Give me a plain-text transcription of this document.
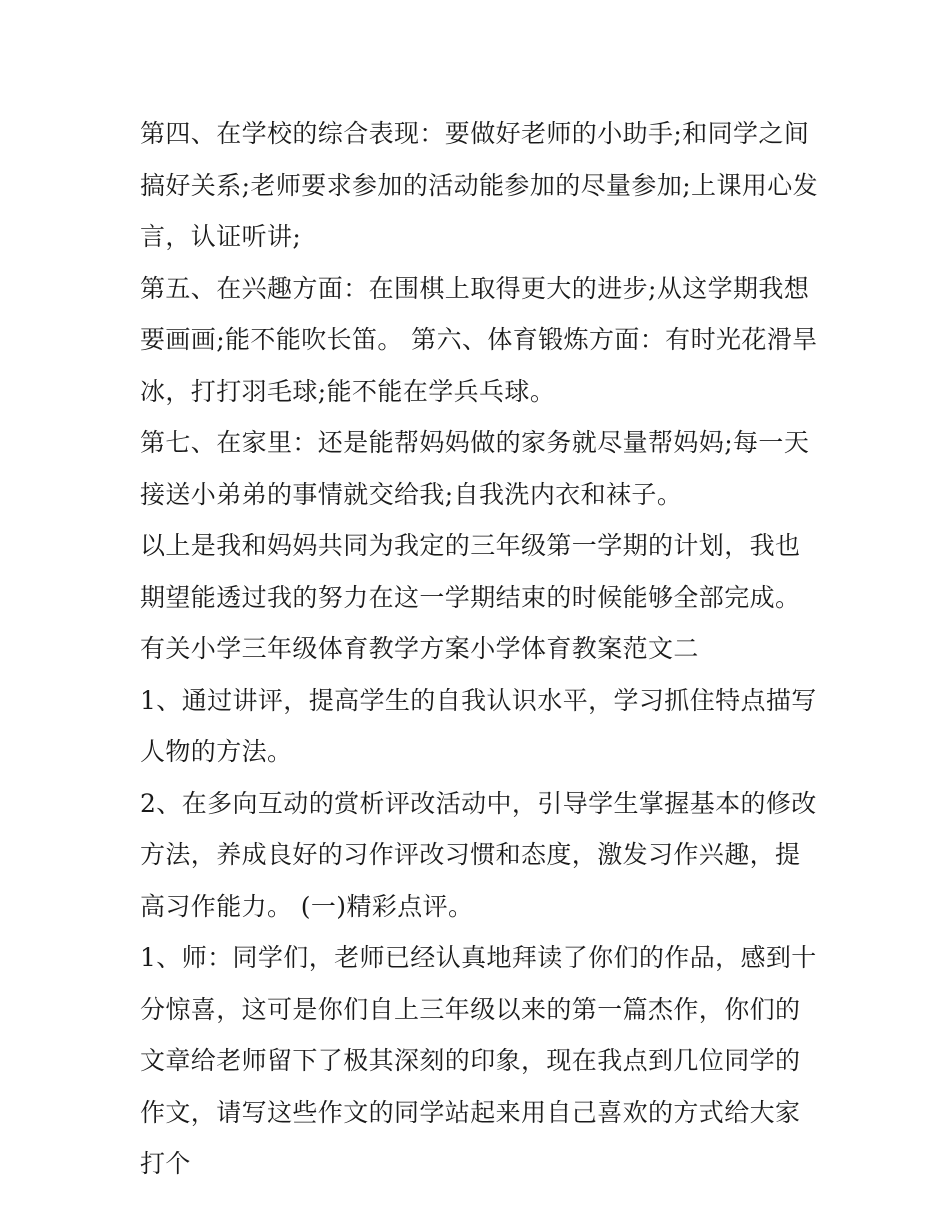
第四、在学校的综合表现：要做好老师的小助手;和同学之间搞好关系;老师要求参加的活动能参加的尽量参加;上课用心发言，认证听讲;

第五、在兴趣方面：在围棋上取得更大的进步;从这学期我想要画画;能不能吹长笛。 第六、体育锻炼方面：有时光花滑旱冰，打打羽毛球;能不能在学兵乓球。

第七、在家里：还是能帮妈妈做的家务就尽量帮妈妈;每一天接送小弟弟的事情就交给我;自我洗内衣和袜子。

以上是我和妈妈共同为我定的三年级第一学期的计划，我也期望能透过我的努力在这一学期结束的时候能够全部完成。 有关小学三年级体育教学方案小学体育教案范文二

1、通过讲评，提高学生的自我认识水平，学习抓住特点描写人物的方法。

2、在多向互动的赏析评改活动中，引导学生掌握基本的修改方法，养成良好的习作评改习惯和态度，激发习作兴趣，提高习作能力。 (一)精彩点评。

1、师：同学们，老师已经认真地拜读了你们的作品，感到十分惊喜，这可是你们自上三年级以来的第一篇杰作，你们的文章给老师留下了极其深刻的印象，现在我点到几位同学的作文，请写这些作文的同学站起来用自己喜欢的方式给大家打个
